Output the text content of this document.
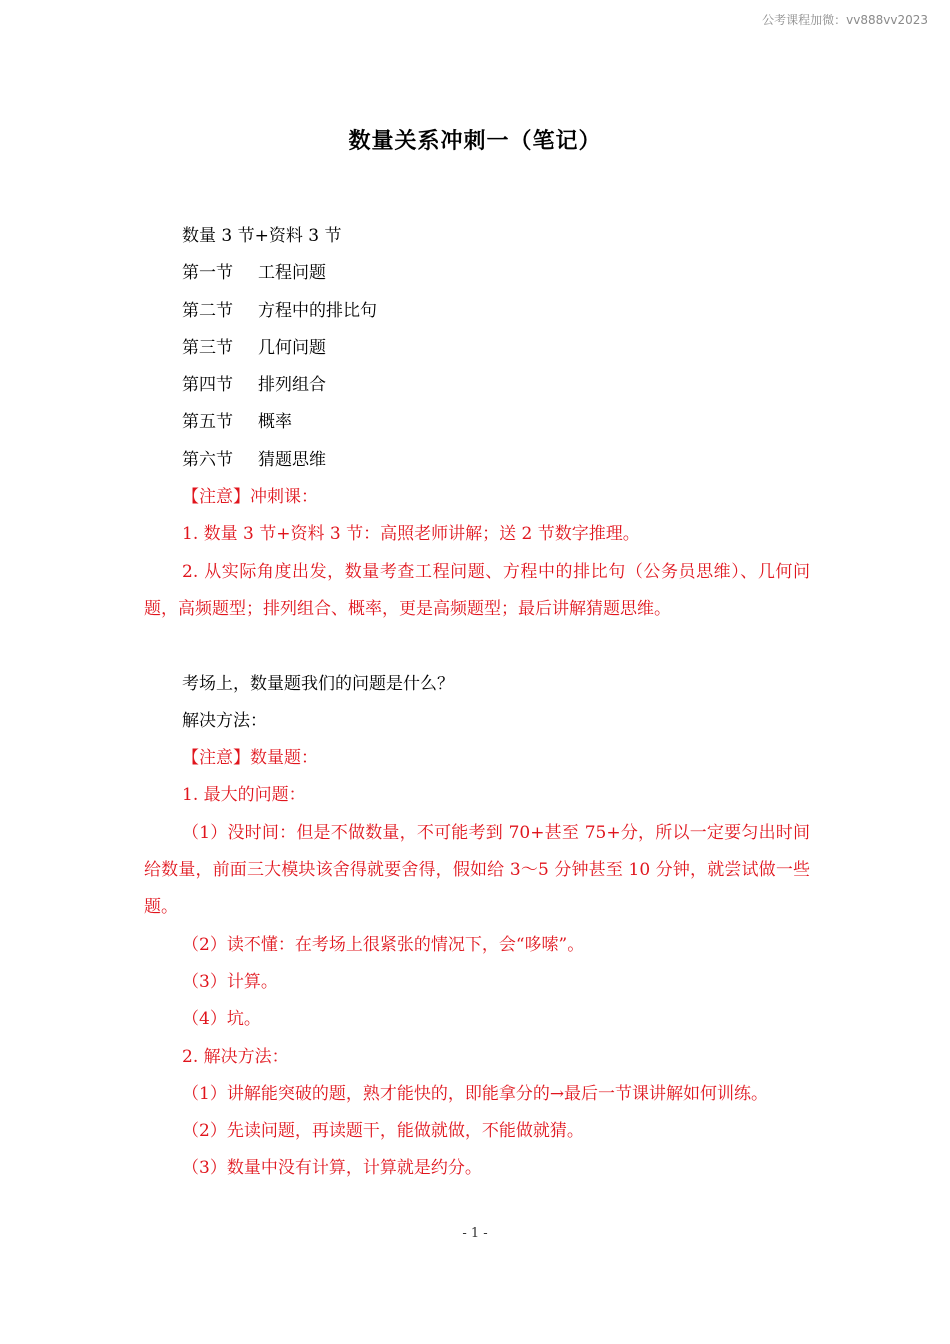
公考课程加微：vv888vv2023
数量关系冲刺一（笔记）
数量 3 节+资料 3 节
第一节 工程问题
第二节 方程中的排比句
第三节 几何问题
第四节 排列组合
第五节 概率
第六节 猜题思维
【注意】冲刺课：
1. 数量 3 节+资料 3 节：高照老师讲解；送 2 节数字推理。
2. 从实际角度出发，数量考查工程问题、方程中的排比句（公务员思维）、几何问题，高频题型；排列组合、概率，更是高频题型；最后讲解猜题思维。
考场上，数量题我们的问题是什么？
解决方法：
【注意】数量题：
1. 最大的问题：
（1）没时间：但是不做数量，不可能考到 70+甚至 75+分，所以一定要匀出时间给数量，前面三大模块该舍得就要舍得，假如给 3～5 分钟甚至 10 分钟，就尝试做一些题。
（2）读不懂：在考场上很紧张的情况下，会“哆嗦”。
（3）计算。
（4）坑。
2. 解决方法：
（1）讲解能突破的题，熟才能快的，即能拿分的→最后一节课讲解如何训练。
（2）先读问题，再读题干，能做就做，不能做就猜。
（3）数量中没有计算，计算就是约分。
- 1 -
